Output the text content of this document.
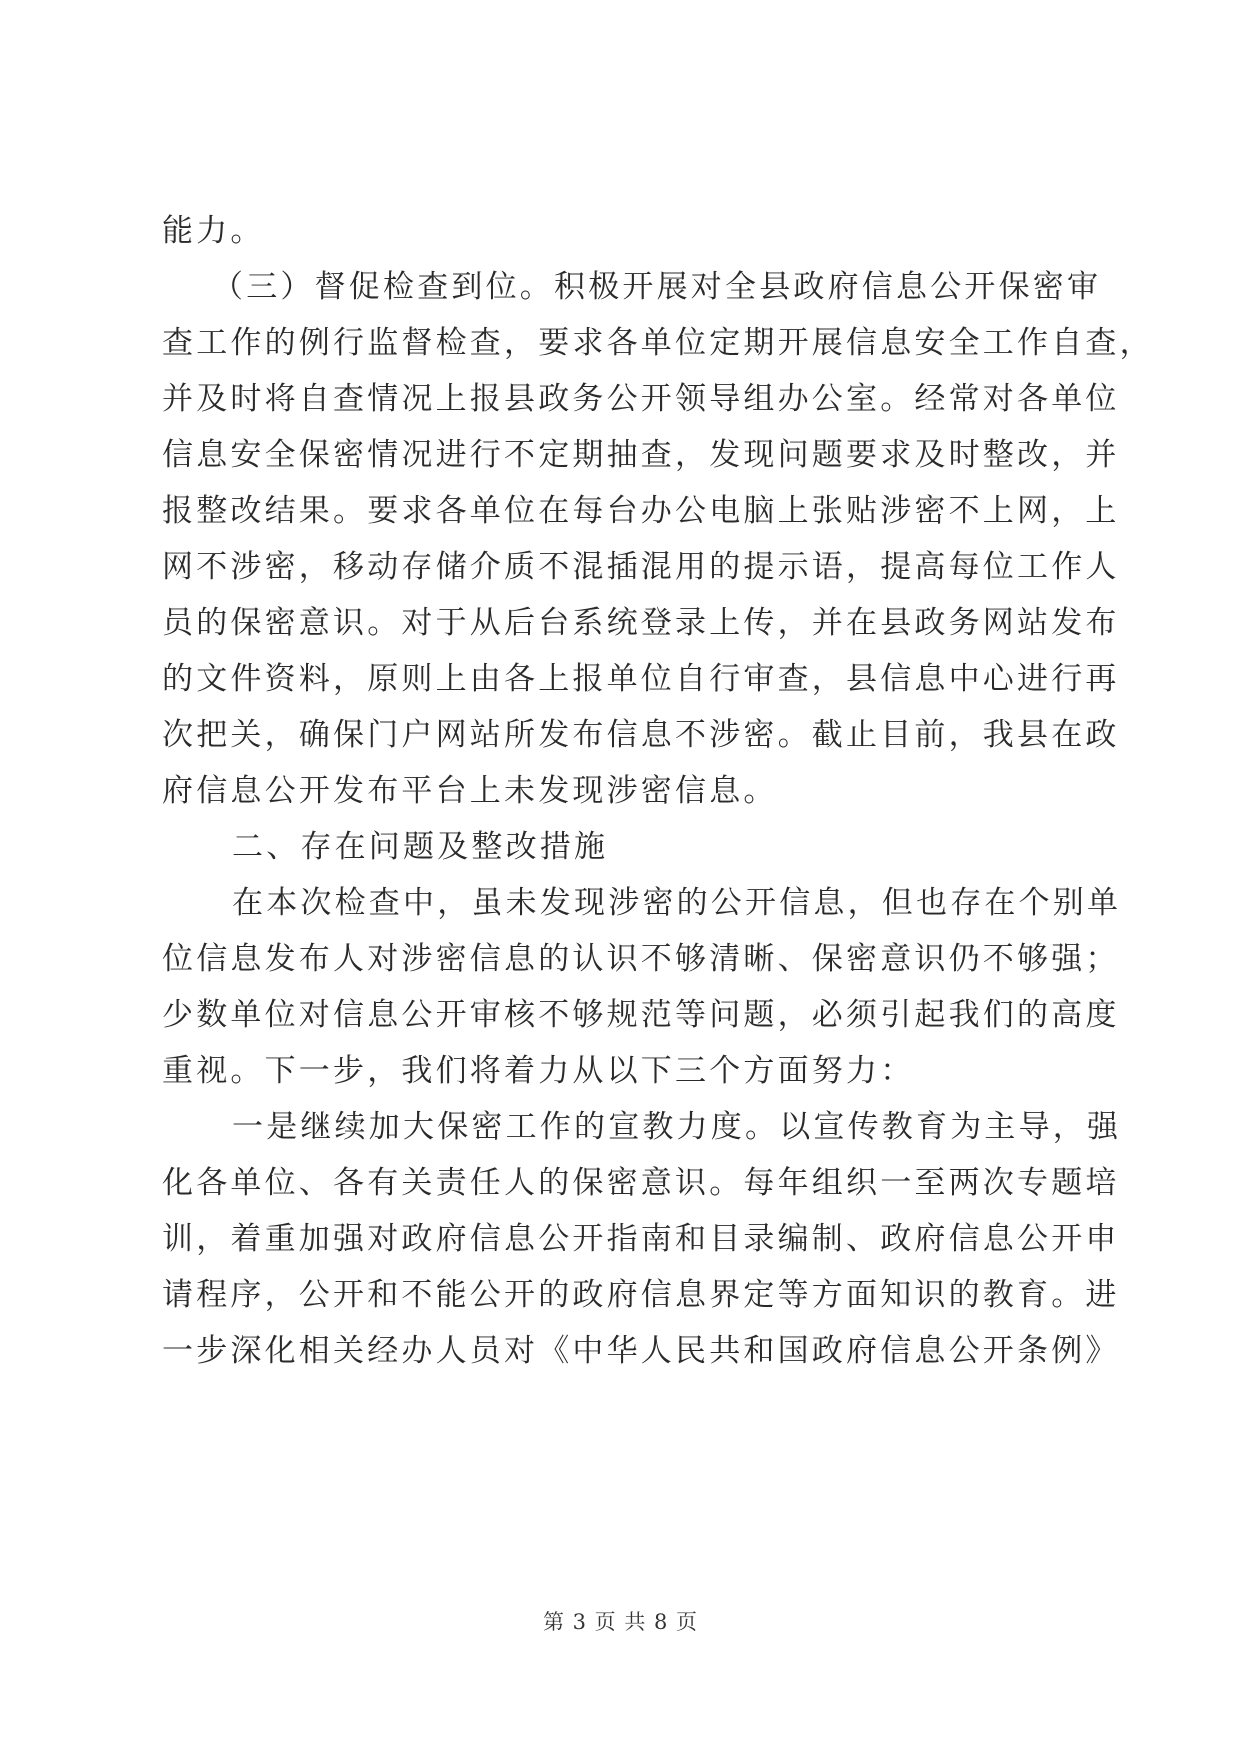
能力。
（三）督促检查到位。积极开展对全县政府信息公开保密审
查工作的例行监督检查，要求各单位定期开展信息安全工作自查，
并及时将自查情况上报县政务公开领导组办公室。经常对各单位
信息安全保密情况进行不定期抽查，发现问题要求及时整改，并
报整改结果。要求各单位在每台办公电脑上张贴涉密不上网，上
网不涉密，移动存储介质不混插混用的提示语，提高每位工作人
员的保密意识。对于从后台系统登录上传，并在县政务网站发布
的文件资料，原则上由各上报单位自行审查，县信息中心进行再
次把关，确保门户网站所发布信息不涉密。截止目前，我县在政
府信息公开发布平台上未发现涉密信息。
二、存在问题及整改措施
在本次检查中，虽未发现涉密的公开信息，但也存在个别单
位信息发布人对涉密信息的认识不够清晰、保密意识仍不够强；
少数单位对信息公开审核不够规范等问题，必须引起我们的高度
重视。下一步，我们将着力从以下三个方面努力：
一是继续加大保密工作的宣教力度。以宣传教育为主导，强
化各单位、各有关责任人的保密意识。每年组织一至两次专题培
训，着重加强对政府信息公开指南和目录编制、政府信息公开申
请程序，公开和不能公开的政府信息界定等方面知识的教育。进
一步深化相关经办人员对《中华人民共和国政府信息公开条例》
第 3 页 共 8 页
